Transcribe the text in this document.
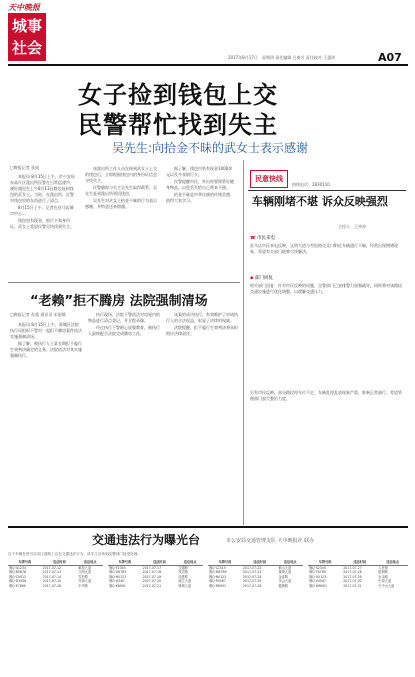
天中晚报
城事
社会
2017年8月17日 星期四 责任编辑 吕秦芳 责任校对 王惠珍	A07
女子捡到钱包上交
民警帮忙找到失主
吴先生:向拾金不昧的武女士表示感谢
□晚报记者 张迪

本报讯 8月15日上午，市公安局东高片区派出所民警在日常巡逻中，刚好遇见在上午8月13日路边捡到钱包的武女士。当时，在派出所，民警对钱包里的东西进行了清点。

8月15日上午，记者在驻马店城市中心...

钱包里有现金、银行卡和身份证，武女士希望民警尽快找到失主。

该派出所工作人员在接到武女士上交的钱包后，立即根据钱包内的身份证信息寻找失主。

民警随即与失主吴先生取得联系，吴先生赶到派出所领回钱包。

吴先生对武女士拾金不昧的行为表示感谢，并特意送来锦旗。

据了解，钱包内装有现金1000余元以及多张银行卡。

民警提醒市民，外出时要保管好随身物品，以免丢失给自己带来不便。

拾金不昧是中华民族的传统美德，值得大家学习。

“老赖”拒不腾房 法院强制清场
□晚报记者 苏震 通讯员 宋丽娜

本报讯 8月15日上午，驿城区法院执行局组织干警对一起拒不腾房案件依法实施强制清场。

据了解，被执行人王某长期拒不履行生效判决确定的义务，法院依法对其实施强制执行。

执行现场，法院干警依法对房屋内的物品进行清点登记，并全程录像。

经过执行干警耐心说服教育，被执行人最终配合法院完成腾房工作。

该案的成功执行，有效维护了申请执行人的合法权益，彰显了法律的权威。

法院提醒，拒不履行生效判决将承担相应法律责任。

民意快线
热线电话：2830110
车辆刚堵不堪 诉众反映强烈
主持人：王冲冲
☎ 市民来电
驻马店市民来电反映，文明大道与雪松路交叉口附近车辆通行不畅，经常出现拥堵现象，希望有关部门能够尽快解决。
◆ 部门回复
相关部门回复：针对市民反映的问题，交警部门已安排警力加强疏导，同时将对该路段交通设施进行优化调整，以缓解交通压力。
另有市民反映，部分路段停车位不足，车辆乱停乱放现象严重，影响正常通行，希望管理部门加大整治力度。
交通违法行为曝光台	市公安局交通管理支队 天中晚报社 联办
以下车辆在驻马店市区道路上存在交通违法行为，请车主尽快到交警部门接受处理。
车牌号码	违法时间	违法地点
豫Q·A1234	2017-07-12	解放大道
豫Q·B5678	2017-07-13	文明大道
豫Q·C9012	2017-07-14	雪松路
豫Q·D3456	2017-07-15	开源大道
豫Q·E7890	2017-07-16	中华路
车牌号码	违法时间	违法地点
豫Q·F2345	2017-07-17	交通路
豫Q·G6789	2017-07-18	风光路
豫Q·H0123	2017-07-19	前进路
豫Q·J4567	2017-07-20	练江大道
豫Q·K8901	2017-07-21	驿城大道
车牌号码	违法时间	违法地点
豫Q·L2345	2017-07-22	铜山大道
豫Q·M6789	2017-07-23	置地大道
豫Q·N0123	2017-07-24	金雀路
豫Q·P4567	2017-07-25	乐山大道
豫Q·R8901	2017-07-26	健康路
车牌号码	违法时间	违法地点
豫Q·S2345	2017-07-27	人民街
豫Q·T6789	2017-07-28	胜利路
豫Q·U0123	2017-07-29	水屯路
豫Q·V4567	2017-07-30	中原大道
豫Q·W8901	2017-07-31	天中山大道
